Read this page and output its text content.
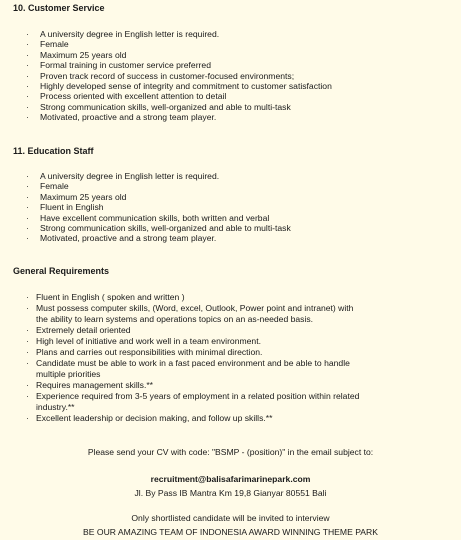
10. Customer Service
· A university degree in English letter is required.
· Female
· Maximum 25 years old
· Formal training in customer service preferred
· Proven track record of success in customer-focused environments;
· Highly developed sense of integrity and commitment to customer satisfaction
· Process oriented with excellent attention to detail
· Strong communication skills, well-organized and able to multi-task
· Motivated, proactive and a strong team player.
11. Education Staff
· A university degree in English letter is required.
· Female
· Maximum 25 years old
· Fluent in English
· Have excellent communication skills, both written and verbal
· Strong communication skills, well-organized and able to multi-task
· Motivated, proactive and a strong team player.
General Requirements
· Fluent in English ( spoken and written )
· Must possess computer skills, (Word, excel, Outlook, Power point and intranet) with
the ability to learn systems and operations topics on an as-needed basis.
· Extremely detail oriented
· High level of initiative and work well in a team environment.
· Plans and carries out responsibilities with minimal direction.
· Candidate must be able to work in a fast paced environment and be able to handle
multiple priorities
· Requires management skills.**
· Experience required from 3-5 years of employment in a related position within related
industry.**
· Excellent leadership or decision making, and follow up skills.**
Please send your CV with code: "BSMP - (position)" in the email subject to:
recruitment@balisafarimarinepark.com
Jl. By Pass IB Mantra Km 19,8 Gianyar 80551 Bali
Only shortlisted candidate will be invited to interview
BE OUR AMAZING TEAM OF INDONESIA AWARD WINNING THEME PARK
